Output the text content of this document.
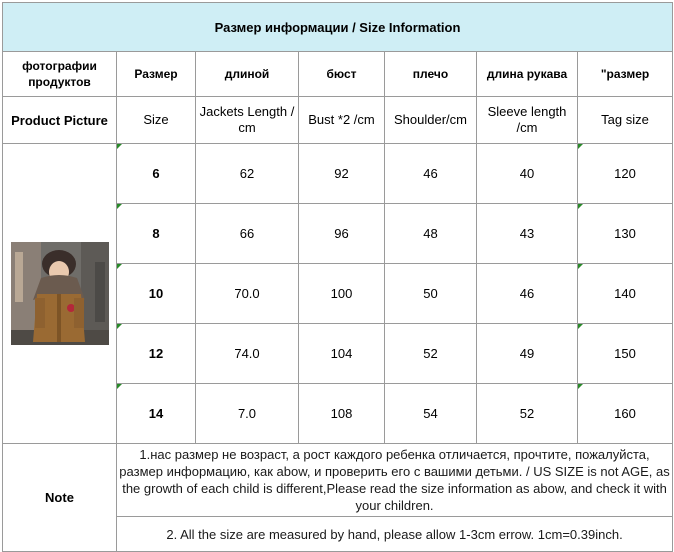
Размер информации / Size Information						
фотографии продуктов	Размер	длиной	бюст	плечо	длина рукава	"размер
Product Picture	Size	Jackets Length / cm	Bust *2 /cm	Shoulder/cm	Sleeve length /cm	Tag size

	6	62	92	46	40	120
	8	66	96	48	43	130
	10	70.0	100	50	46	140
	12	74.0	104	52	49	150
	14	7.0	108	54	52	160
Note	1.нас размер не возраст, а рост каждого ребенка отличается, прочтите, пожалуйста, размер информацию, как abow, и проверить его с вашими детьми. / US SIZE is not AGE, as the growth of each child is different,Please read the size information as abow, and check it with your children.					
	2. All the size are measured by hand, please allow 1-3cm errow. 1cm=0.39inch.					
